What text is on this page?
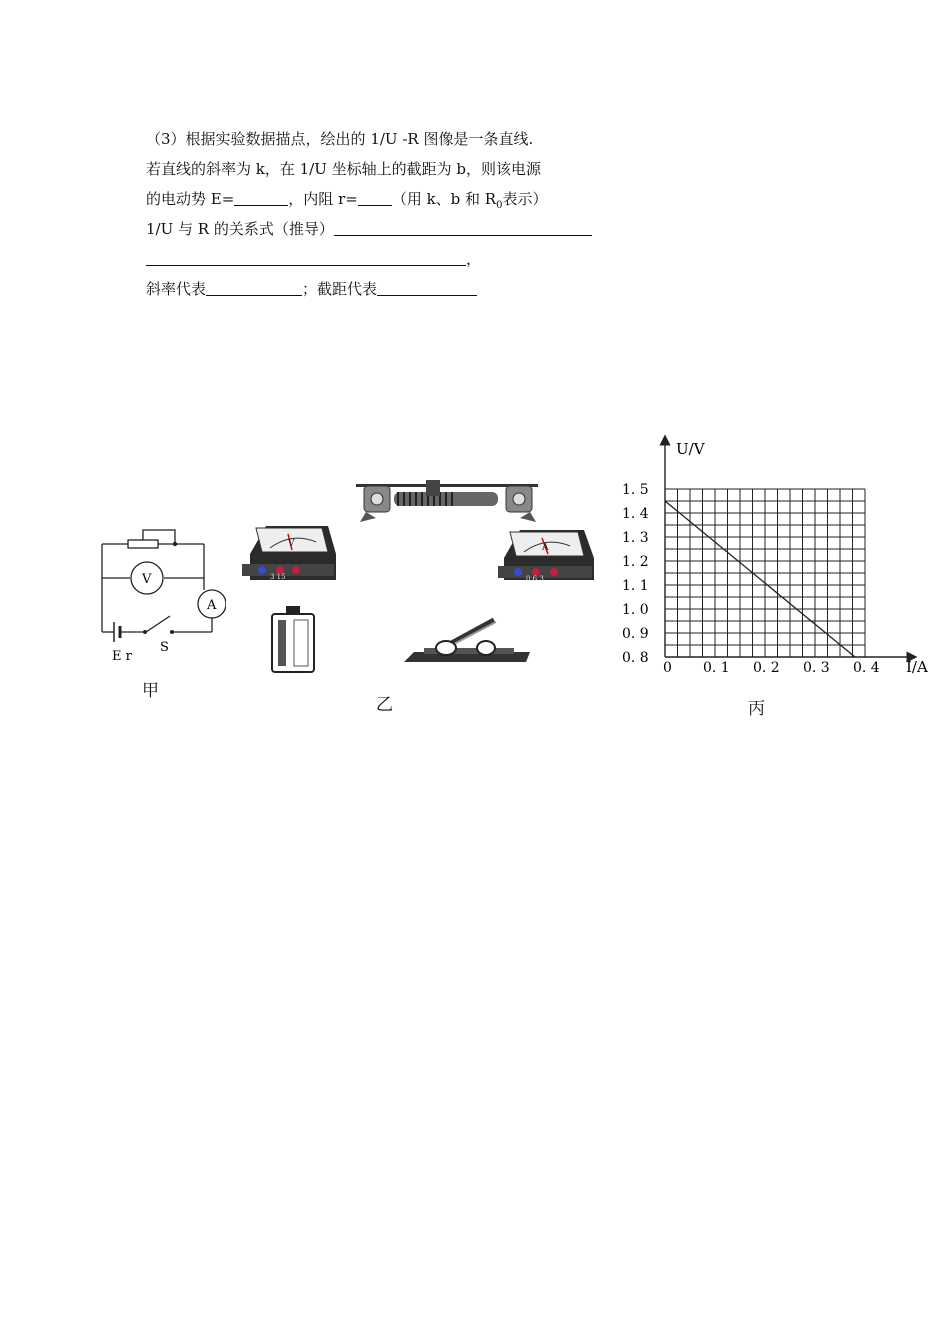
（3）根据实验数据描点，绘出的 1/U -R 图像是一条直线.
若直线的斜率为 k，在 1/U 坐标轴上的截距为 b，则该电源
的电动势 E=	，内阻 r= （用 k、b 和 $R_0$表示）
1/U 与 R 的关系式（推导）
，
斜率代表	；截距代表
V
A
E r
S
甲
V
3 15
A
0.6 3
乙
0. 8
0. 9
1. 0
1. 1
1. 2
1. 3
1. 4
1. 5
0 0. 1 0. 2 0. 3 0. 4
U/V
I/A
丙
